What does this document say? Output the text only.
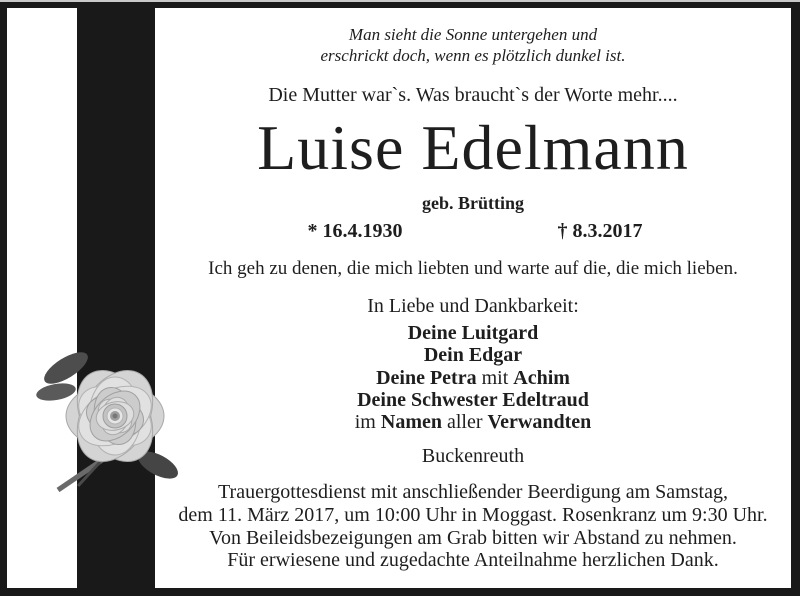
Man sieht die Sonne untergehen und
erschrickt doch, wenn es plötzlich dunkel ist.
Die Mutter war`s. Was braucht`s der Worte mehr....
Luise Edelmann
geb. Brütting
* 16.4.1930	† 8.3.2017
Ich geh zu denen, die mich liebten und warte auf die, die mich lieben.
In Liebe und Dankbarkeit:
Deine Luitgard
Dein Edgar
Deine Petra mit Achim
Deine Schwester Edeltraud
im Namen aller Verwandten
Buckenreuth
Trauergottesdienst mit anschließender Beerdigung am Samstag,
dem 11. März 2017, um 10:00 Uhr in Moggast. Rosenkranz um 9:30 Uhr.
Von Beileidsbezeigungen am Grab bitten wir Abstand zu nehmen.
Für erwiesene und zugedachte Anteilnahme herzlichen Dank.
